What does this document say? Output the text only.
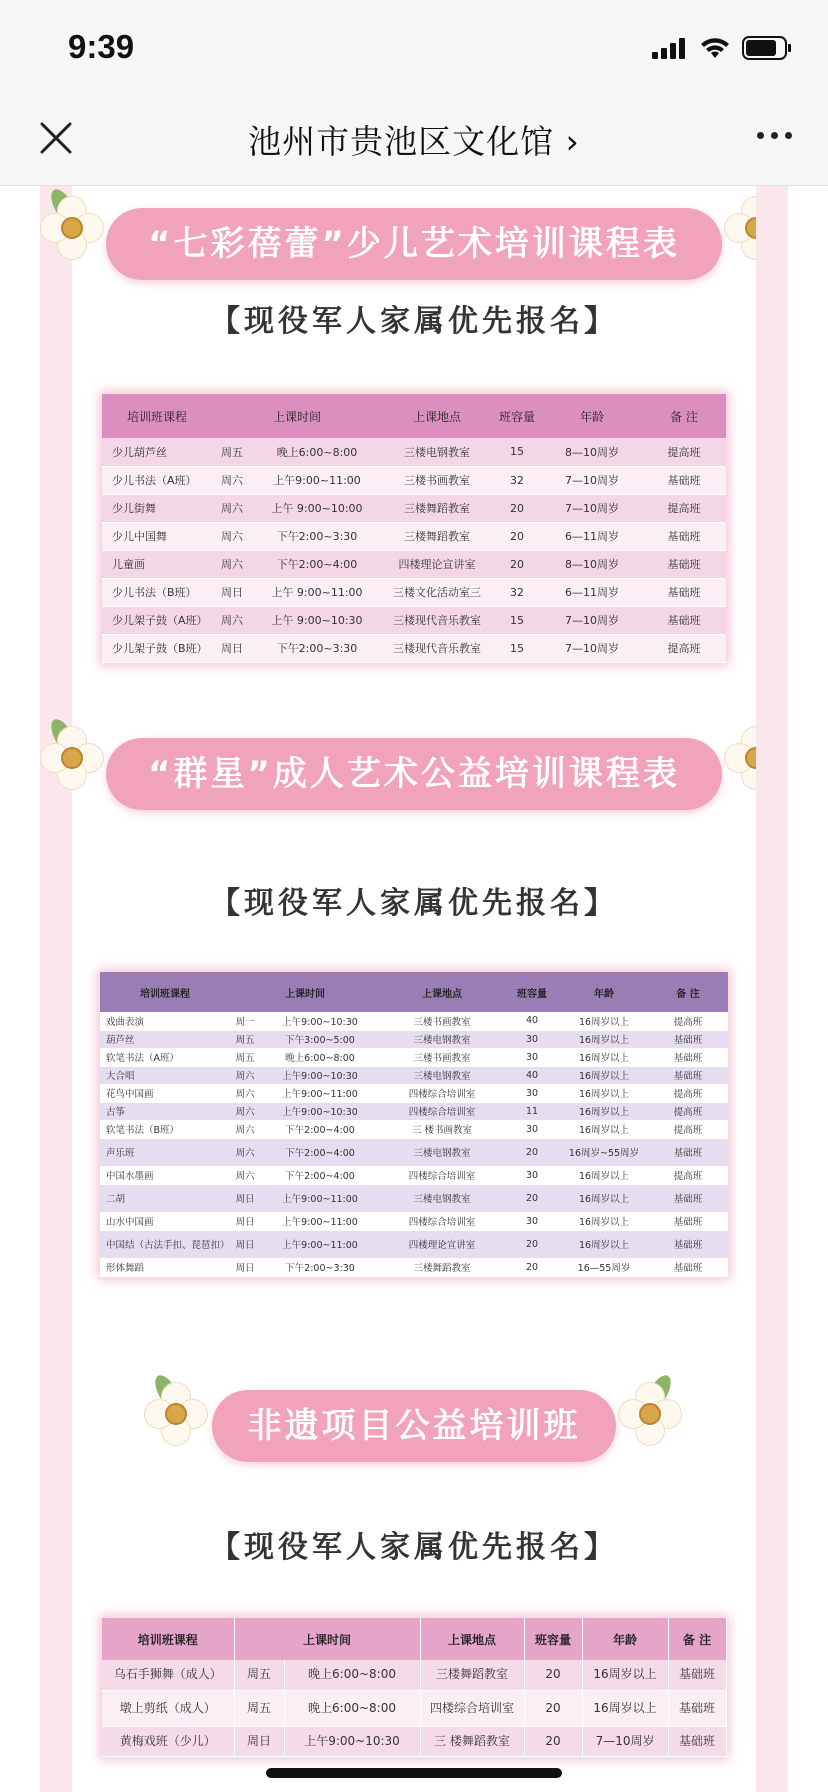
9:39
池州市贵池区文化馆 ›
“七彩蓓蕾”少儿艺术培训课程表
【现役军人家属优先报名】
培训班课程	上课时间		上课地点	班容量	年龄	备 注
少儿葫芦丝	周五	晚上6:00~8:00	三楼电钢教室	15	8—10周岁	提高班
少儿书法（A班）	周六	上午9:00~11:00	三楼书画教室	32	7—10周岁	基础班
少儿街舞	周六	上午 9:00~10:00	三楼舞蹈教室	20	7—10周岁	提高班
少儿中国舞	周六	下午2:00~3:30	三楼舞蹈教室	20	6—11周岁	基础班
儿童画	周六	下午2:00~4:00	四楼理论宣讲室	20	8—10周岁	基础班
少儿书法（B班）	周日	上午 9:00~11:00	三楼文化活动室三	32	6—11周岁	基础班
少儿架子鼓（A班）	周六	上午 9:00~10:30	三楼现代音乐教室	15	7—10周岁	基础班
少儿架子鼓（B班）	周日	下午2:00~3:30	三楼现代音乐教室	15	7—10周岁	提高班
“群星”成人艺术公益培训课程表
【现役军人家属优先报名】
培训班课程	上课时间		上课地点	班容量	年龄	备 注
戏曲表演	周一	上午9:00~10:30	三楼书画教室	40	16周岁以上	提高班
葫芦丝	周五	下午3:00~5:00	三楼电钢教室	30	16周岁以上	基础班
软笔书法（A班）	周五	晚上6:00~8:00	三楼书画教室	30	16周岁以上	基础班
大合唱	周六	上午9:00~10:30	三楼电钢教室	40	16周岁以上	基础班
花鸟中国画	周六	上午9:00~11:00	四楼综合培训室	30	16周岁以上	提高班
古筝	周六	上午9:00~10:30	四楼综合培训室	11	16周岁以上	提高班
软笔书法（B班）	周六	下午2:00~4:00	三 楼书画教室	30	16周岁以上	提高班
声乐班	周六	下午2:00~4:00	三楼电钢教室	20	16周岁~55周岁	基础班
中国水墨画	周六	下午2:00~4:00	四楼综合培训室	30	16周岁以上	提高班
二胡	周日	上午9:00~11:00	三楼电钢教室	20	16周岁以上	基础班
山水中国画	周日	上午9:00~11:00	四楼综合培训室	30	16周岁以上	基础班
中国结（古法手扣、琵琶扣）	周日	上午9:00~11:00	四楼理论宣讲室	20	16周岁以上	基础班
形体舞蹈	周日	下午2:00~3:30	三楼舞蹈教室	20	16—55周岁	基础班
非遗项目公益培训班
【现役军人家属优先报名】
培训班课程	上课时间		上课地点	班容量	年龄	备 注
乌石手狮舞（成人）	周五	晚上6:00~8:00	三楼舞蹈教室	20	16周岁以上	基础班
墩上剪纸（成人）	周五	晚上6:00~8:00	四楼综合培训室	20	16周岁以上	基础班
黄梅戏班（少儿）	周日	上午9:00~10:30	三 楼舞蹈教室	20	7—10周岁	基础班
